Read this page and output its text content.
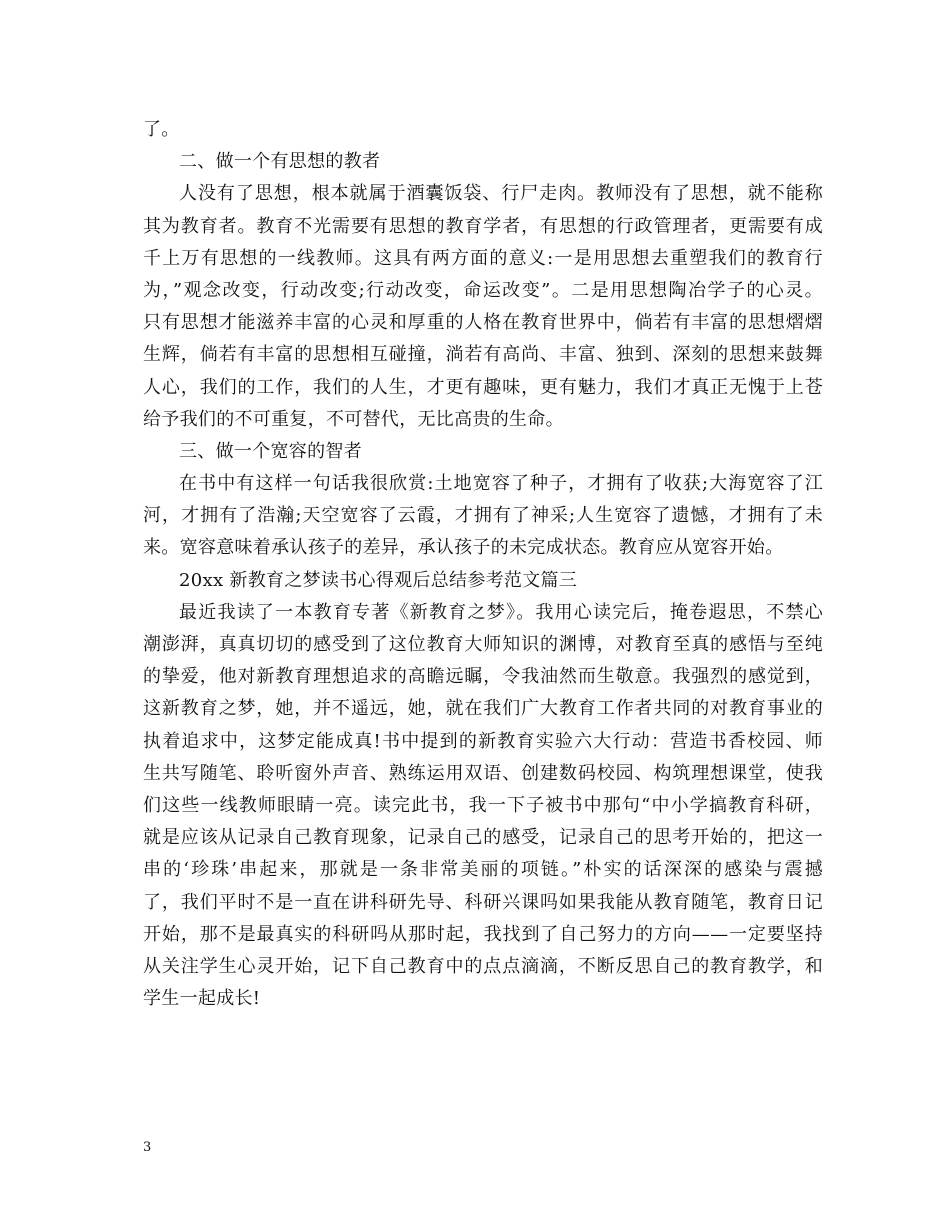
了。
二、做一个有思想的教者
人没有了思想，根本就属于酒囊饭袋、行尸走肉。教师没有了思想，就不能称
其为教育者。教育不光需要有思想的教育学者，有思想的行政管理者，更需要有成
千上万有思想的一线教师。这具有两方面的意义:一是用思想去重塑我们的教育行
为，”观念改变，行动改变;行动改变，命运改变”。二是用思想陶冶学子的心灵。
只有思想才能滋养丰富的心灵和厚重的人格在教育世界中，倘若有丰富的思想熠熠
生辉，倘若有丰富的思想相互碰撞，淌若有高尚、丰富、独到、深刻的思想来鼓舞
人心，我们的工作，我们的人生，才更有趣味，更有魅力，我们才真正无愧于上苍
给予我们的不可重复，不可替代，无比高贵的生命。
三、做一个宽容的智者
在书中有这样一句话我很欣赏:土地宽容了种子，才拥有了收获;大海宽容了江
河，才拥有了浩瀚;天空宽容了云霞，才拥有了神采;人生宽容了遗憾，才拥有了未
来。宽容意味着承认孩子的差异，承认孩子的未完成状态。教育应从宽容开始。
20xx 新教育之梦读书心得观后总结参考范文篇三
最近我读了一本教育专著《新教育之梦》。我用心读完后，掩卷遐思，不禁心
潮澎湃，真真切切的感受到了这位教育大师知识的渊博，对教育至真的感悟与至纯
的挚爱，他对新教育理想追求的高瞻远瞩，令我油然而生敬意。我强烈的感觉到，
这新教育之梦，她，并不遥远，她，就在我们广大教育工作者共同的对教育事业的
执着追求中，这梦定能成真!书中提到的新教育实验六大行动：营造书香校园、师
生共写随笔、聆听窗外声音、熟练运用双语、创建数码校园、构筑理想课堂，使我
们这些一线教师眼睛一亮。读完此书，我一下子被书中那句“中小学搞教育科研，
就是应该从记录自己教育现象，记录自己的感受，记录自己的思考开始的，把这一
串的‘珍珠’串起来，那就是一条非常美丽的项链。”朴实的话深深的感染与震撼
了，我们平时不是一直在讲科研先导、科研兴课吗如果我能从教育随笔，教育日记
开始，那不是最真实的科研吗从那时起，我找到了自己努力的方向——一定要坚持
从关注学生心灵开始，记下自己教育中的点点滴滴，不断反思自己的教育教学，和
学生一起成长!
3
